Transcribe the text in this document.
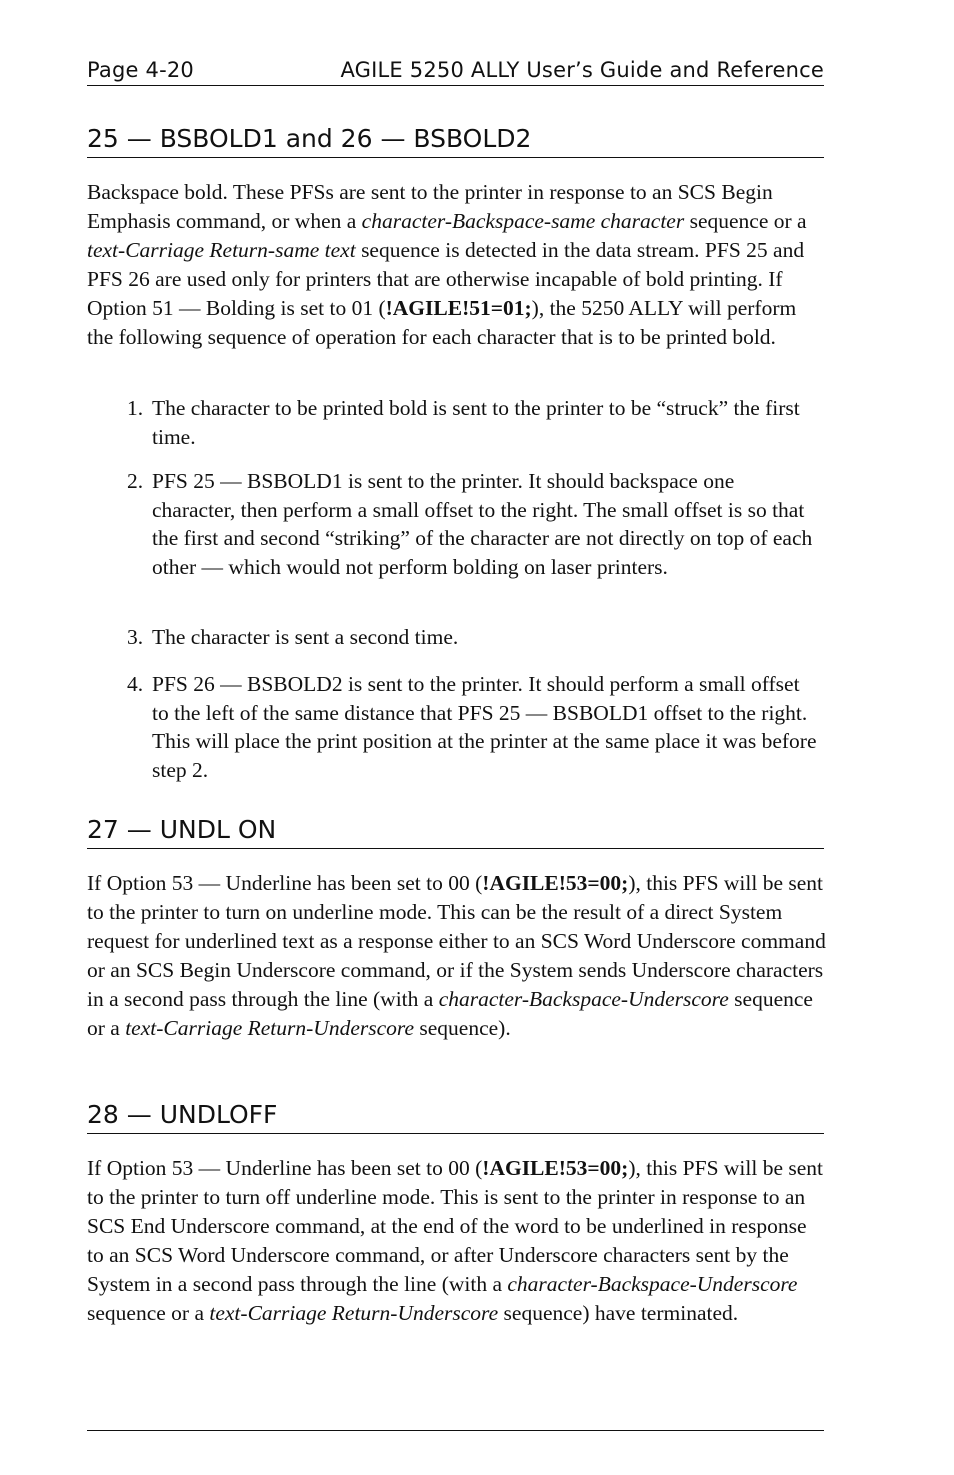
Page 4-20	AGILE 5250 ALLY User’s Guide and Reference
25 — BSBOLD1 and 26 — BSBOLD2

Backspace bold. These PFSs are sent to the printer in response to an SCS Begin Emphasis command, or when a character-Backspace-same character sequence or a text-Carriage Return-same text sequence is detected in the data stream. PFS 25 and PFS 26 are used only for printers that are otherwise incapable of bold printing. If Option 51 — Bolding is set to 01 (!AGILE!51=01;), the 5250 ALLY will perform the following sequence of operation for each character that is to be printed bold.

1. The character to be printed bold is sent to the printer to be “struck” the first time.
2. PFS 25 — BSBOLD1 is sent to the printer. It should backspace one character, then perform a small offset to the right. The small offset is so that the first and second “striking” of the character are not directly on top of each other — which would not perform bolding on laser printers.
3. The character is sent a second time.
4. PFS 26 — BSBOLD2 is sent to the printer. It should perform a small offset to the left of the same distance that PFS 25 — BSBOLD1 offset to the right. This will place the print position at the printer at the same place it was before step 2.
27 — UNDL ON

If Option 53 — Underline has been set to 00 (!AGILE!53=00;), this PFS will be sent to the printer to turn on underline mode. This can be the result of a direct System request for underlined text as a response either to an SCS Word Underscore command or an SCS Begin Underscore command, or if the System sends Underscore characters in a second pass through the line (with a character-Backspace-Underscore sequence or a text-Carriage Return-Underscore sequence).

28 — UNDLOFF

If Option 53 — Underline has been set to 00 (!AGILE!53=00;), this PFS will be sent to the printer to turn off underline mode. This is sent to the printer in response to an SCS End Underscore command, at the end of the word to be underlined in response to an SCS Word Underscore command, or after Underscore characters sent by the System in a second pass through the line (with a character-Backspace-Underscore sequence or a text-Carriage Return-Underscore sequence) have terminated.
